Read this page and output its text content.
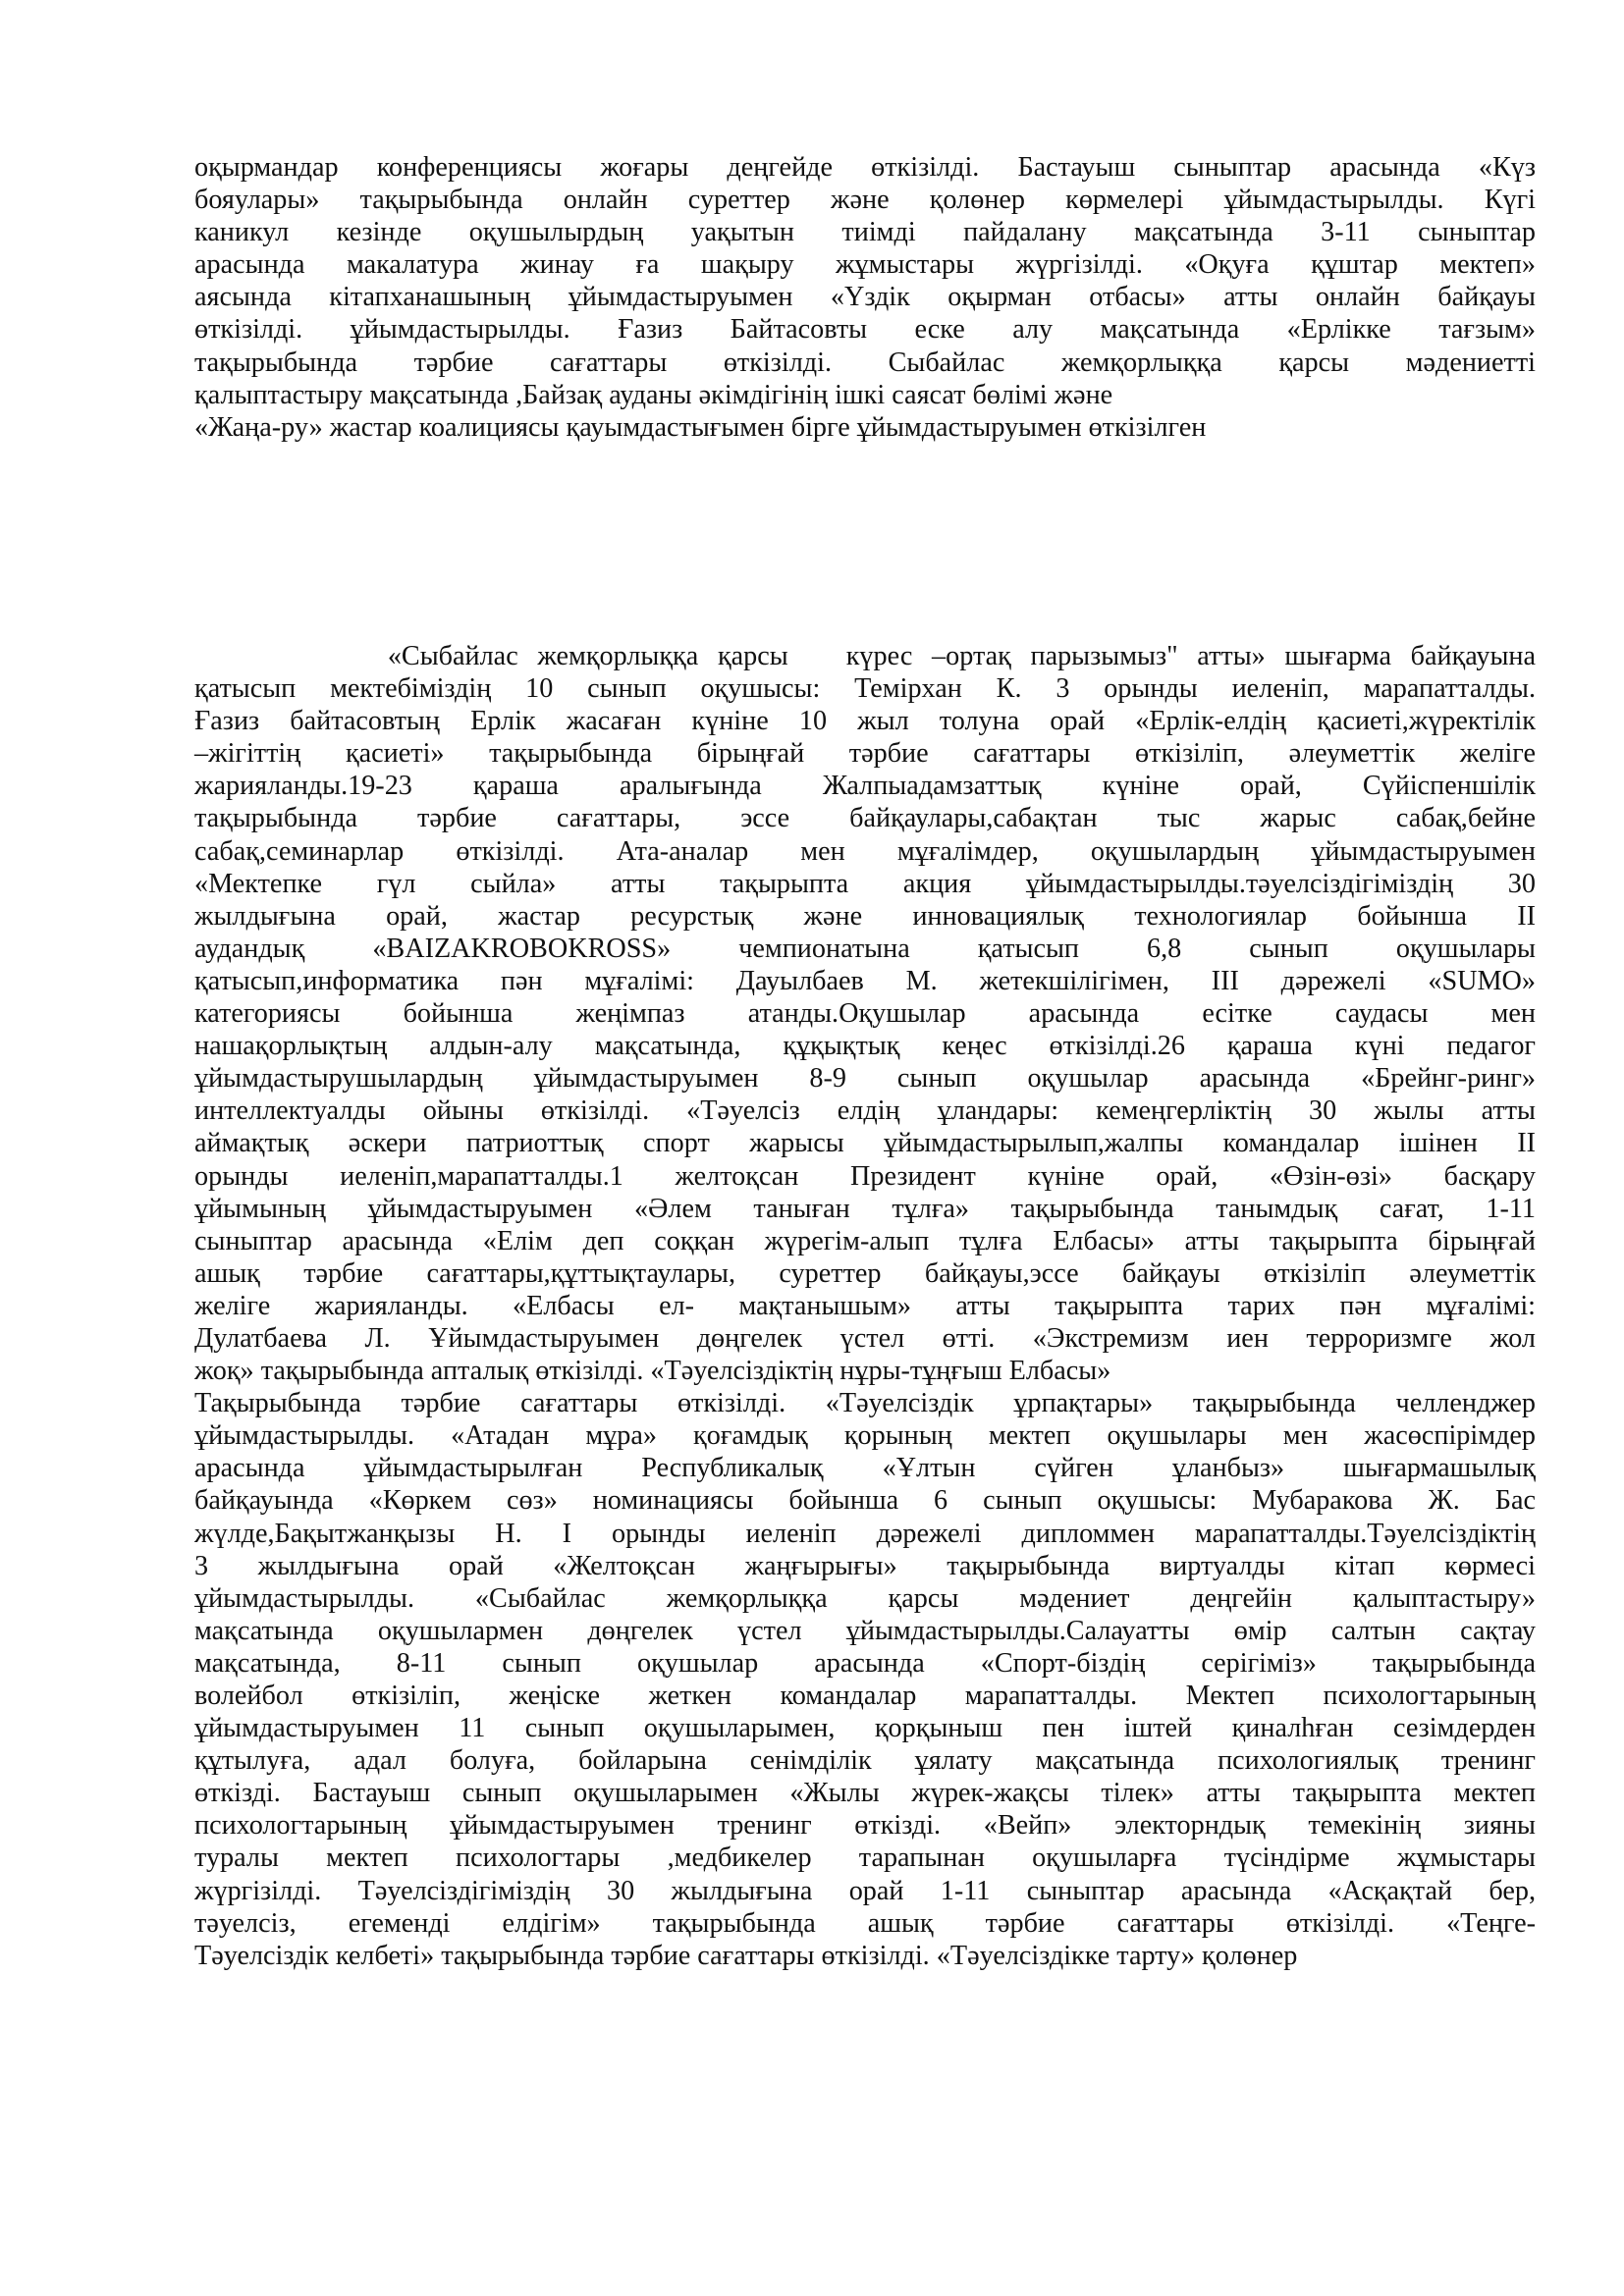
оқырмандар конференциясы жоғары деңгейде өткізілді. Бастауыш сыныптар арасында «Күз
бояулары» тақырыбында онлайн суреттер және қолөнер көрмелері ұйымдастырылды. Күгі
каникул кезінде оқушылырдың уақытын тиімді пайдалану мақсатында 3-11 сыныптар
арасында макалатура жинау ға шақыру жұмыстары жүргізілді. «Оқуға құштар мектеп»
аясында кітапханашының ұйымдастыруымен «Үздік оқырман отбасы» атты онлайн байқауы
өткізілді. ұйымдастырылды. Ғазиз Байтасовты еске алу мақсатында «Ерлікке тағзым»
тақырыбында тәрбие сағаттары өткізілді. Сыбайлас жемқорлыққа қарсы мәдениетті
қалыптастыру мақсатында ,Байзақ ауданы әкімдігінің ішкі саясат бөлімі және
«Жаңа-ру» жастар коалициясы қауымдастығымен бірге ұйымдастыруымен өткізілген
«Сыбайлас жемқорлыққа қарсы   күрес –ортақ парызымыз" атты» шығарма байқауына
қатысып мектебіміздің 10 сынып оқушысы: Темірхан К. 3 орынды иеленіп, марапатталды.
Ғазиз байтасовтың Ерлік жасаған күніне 10 жыл толуна орай «Ерлік-елдің қасиеті,жүректілік
–жігіттің қасиеті» тақырыбында бірыңғай тәрбие сағаттары өткізіліп, әлеуметтік желіге
жарияланды.19-23 қараша аралығында Жалпыадамзаттық күніне орай, Сүйіспеншілік
тақырыбында тәрбие сағаттары, эссе байқаулары,сабақтан тыс жарыс сабақ,бейне
сабақ,семинарлар өткізілді. Ата-аналар мен мұғалімдер, оқушылардың ұйымдастыруымен
«Мектепке гүл сыйла» атты тақырыпта акция ұйымдастырылды.тәуелсіздігіміздің 30
жылдығына орай, жастар ресурстық және инновациялық технологиялар бойынша II
аудандық «BAIZAKROBOKROSS» чемпионатына қатысып 6,8 сынып оқушылары
қатысып,информатика пән мұғалімі: Дауылбаев М. жетекшілігімен, III дәрежелі «SUMO»
категориясы бойынша жеңімпаз атанды.Оқушылар арасында есітке саудасы мен
нашақорлықтың алдын-алу мақсатында, құқықтық кеңес өткізілді.26 қараша күні педагог
ұйымдастырушылардың ұйымдастыруымен 8-9 сынып оқушылар арасында «Брейнг-ринг»
интеллектуалды ойыны өткізілді. «Тәуелсіз елдің ұландары: кемеңгерліктің 30 жылы атты
аймақтық әскери патриоттық спорт жарысы ұйымдастырылып,жалпы командалар ішінен II
орынды иеленіп,марапатталды.1 желтоқсан Президент күніне орай, «Өзін-өзі» басқару
ұйымының ұйымдастыруымен «Әлем таныған тұлға» тақырыбында танымдық сағат, 1-11
сыныптар арасында «Елім деп соққан жүрегім-алып тұлға Елбасы» атты тақырыпта бірыңғай
ашық тәрбие сағаттары,құттықтаулары, суреттер байқауы,эссе байқауы өткізіліп әлеуметтік
желіге жарияланды. «Елбасы ел- мақтанышым» атты тақырыпта тарих пән мұғалімі:
Дулатбаева Л. Ұйымдастыруымен дөңгелек үстел өтті. «Экстремизм иен терроризмге жол
жоқ» тақырыбында апталық өткізілді. «Тәуелсіздіктің нұры-тұңғыш Елбасы»
Тақырыбында тәрбие сағаттары өткізілді. «Тәуелсіздік ұрпақтары» тақырыбында челленджер
ұйымдастырылды. «Атадан мұра» қоғамдық қорының мектеп оқушылары мен жасөспірімдер
арасында ұйымдастырылған Республикалық «Ұлтын сүйген ұланбыз» шығармашылық
байқауында «Көркем сөз» номинациясы бойынша 6 сынып оқушысы: Мубаракова Ж. Бас
жүлде,Бақытжанқызы Н. I орынды иеленіп дәрежелі дипломмен марапатталды.Тәуелсіздіктің
3 жылдығына орай «Желтоқсан жаңғырығы» тақырыбында виртуалды кітап көрмесі
ұйымдастырылды. «Сыбайлас жемқорлыққа қарсы мәдениет деңгейін қалыптастыру»
мақсатында оқушылармен дөңгелек үстел ұйымдастырылды.Салауатты өмір салтын сақтау
мақсатында, 8-11 сынып оқушылар арасында «Спорт-біздің серігіміз» тақырыбында
волейбол өткізіліп, жеңіске жеткен командалар марапатталды. Мектеп психологтарының
ұйымдастыруымен 11 сынып оқушыларымен, қорқыныш пен іштей қиналһған сезімдерден
құтылуға, адал болуға, бойларына сенімділік ұялату мақсатында психологиялық тренинг
өткізді. Бастауыш сынып оқушыларымен «Жылы жүрек-жақсы тілек» атты тақырыпта мектеп
психологтарының ұйымдастыруымен тренинг өткізді. «Вейп» электорндық темекінің зияны
туралы мектеп психологтары ,медбикелер тарапынан оқушыларға түсіндірме жұмыстары
жүргізілді. Тәуелсіздігіміздің 30 жылдығына орай 1-11 сыныптар арасында «Асқақтай бер,
тәуелсіз, егеменді елдігім» тақырыбында ашық тәрбие сағаттары өткізілді. «Теңге-
Тәуелсіздік келбеті» тақырыбында тәрбие сағаттары өткізілді. «Тәуелсіздікке тарту» қолөнер
